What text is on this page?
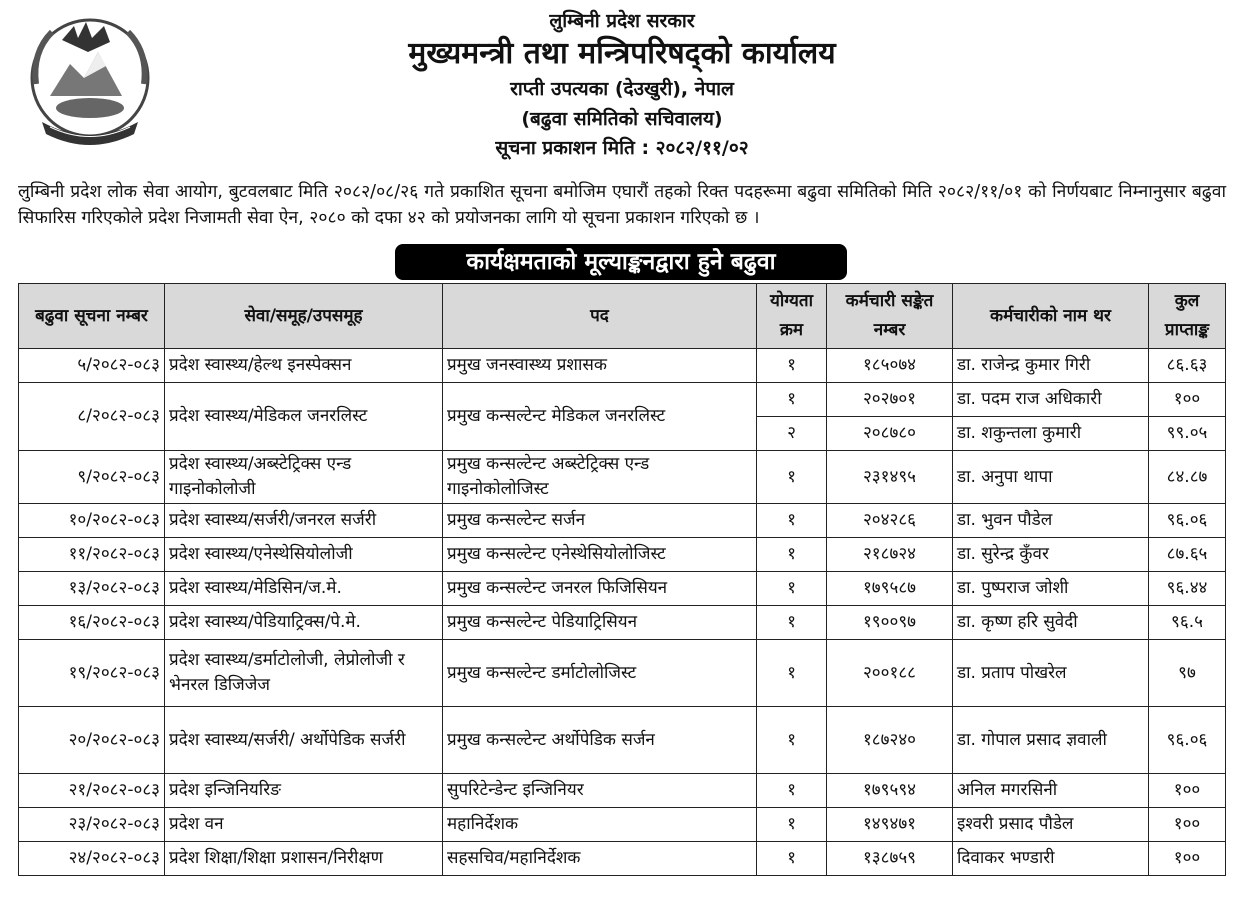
लुम्बिनी प्रदेश सरकार
मुख्यमन्त्री तथा मन्त्रिपरिषद्को कार्यालय
राप्ती उपत्यका (देउखुरी), नेपाल
(बढुवा समितिको सचिवालय)
सूचना प्रकाशन मिति : २०८२/११/०२
लुम्बिनी प्रदेश लोक सेवा आयोग, बुटवलबाट मिति २०८२/०८/२६ गते प्रकाशित सूचना बमोजिम एघारौं तहको रिक्त पदहरूमा बढुवा समितिको मिति २०८२/११/०१ को निर्णयबाट निम्नानुसार बढुवा सिफारिस गरिएकोले प्रदेश निजामती सेवा ऐन, २०८० को दफा ४२ को प्रयोजनका लागि यो सूचना प्रकाशन गरिएको छ ।
कार्यक्षमताको मूल्याङ्कनद्वारा हुने बढुवा
बढुवा सूचना नम्बर	सेवा/समूह/उपसमूह	पद	योग्यता क्रम	कर्मचारी सङ्केत नम्बर	कर्मचारीको नाम थर	कुल प्राप्ताङ्क
५/२०८२-०८३	प्रदेश स्वास्थ्य/हेल्थ इनस्पेक्सन	प्रमुख जनस्वास्थ्य प्रशासक	१	१८५०७४	डा. राजेन्द्र कुमार गिरी	८६.६३
८/२०८२-०८३	प्रदेश स्वास्थ्य/मेडिकल जनरलिस्ट	प्रमुख कन्सल्टेन्ट मेडिकल जनरलिस्ट	१	२०२७०१	डा. पदम राज अधिकारी	१००
			२	२०८७८०	डा. शकुन्तला कुमारी	९९.०५
९/२०८२-०८३	प्रदेश स्वास्थ्य/अब्स्टेट्रिक्स एन्ड गाइनोकोलोजी	प्रमुख कन्सल्टेन्ट अब्स्टेट्रिक्स एन्ड गाइनोकोलोजिस्ट	१	२३१४९५	डा. अनुपा थापा	८४.८७
१०/२०८२-०८३	प्रदेश स्वास्थ्य/सर्जरी/जनरल सर्जरी	प्रमुख कन्सल्टेन्ट सर्जन	१	२०४२८६	डा. भुवन पौडेल	९६.०६
११/२०८२-०८३	प्रदेश स्वास्थ्य/एनेस्थेसियोलोजी	प्रमुख कन्सल्टेन्ट एनेस्थेसियोलोजिस्ट	१	२१८७२४	डा. सुरेन्द्र कुँवर	८७.६५
१३/२०८२-०८३	प्रदेश स्वास्थ्य/मेडिसिन/ज.मे.	प्रमुख कन्सल्टेन्ट जनरल फिजिसियन	१	१७९५८७	डा. पुष्पराज जोशी	९६.४४
१६/२०८२-०८३	प्रदेश स्वास्थ्य/पेडियाट्रिक्स/पे.मे.	प्रमुख कन्सल्टेन्ट पेडियाट्रिसियन	१	१९००९७	डा. कृष्ण हरि सुवेदी	९६.५
१९/२०८२-०८३	प्रदेश स्वास्थ्य/डर्माटोलोजी, लेप्रोलोजी र भेनरल डिजिजेज	प्रमुख कन्सल्टेन्ट डर्माटोलोजिस्ट	१	२००१८८	डा. प्रताप पोखरेल	९७
२०/२०८२-०८३	प्रदेश स्वास्थ्य/सर्जरी/ अर्थोपेडिक सर्जरी	प्रमुख कन्सल्टेन्ट अर्थोपेडिक सर्जन	१	१८७२४०	डा. गोपाल प्रसाद ज्ञवाली	९६.०६
२१/२०८२-०८३	प्रदेश इन्जिनियरिङ	सुपरिटेन्डेन्ट इन्जिनियर	१	१७९५९४	अनिल मगरसिनी	१००
२३/२०८२-०८३	प्रदेश वन	महानिर्देशक	१	१४९४७१	इश्वरी प्रसाद पौडेल	१००
२४/२०८२-०८३	प्रदेश शिक्षा/शिक्षा प्रशासन/निरीक्षण	सहसचिव/महानिर्देशक	१	१३८७५९	दिवाकर भण्डारी	१००
